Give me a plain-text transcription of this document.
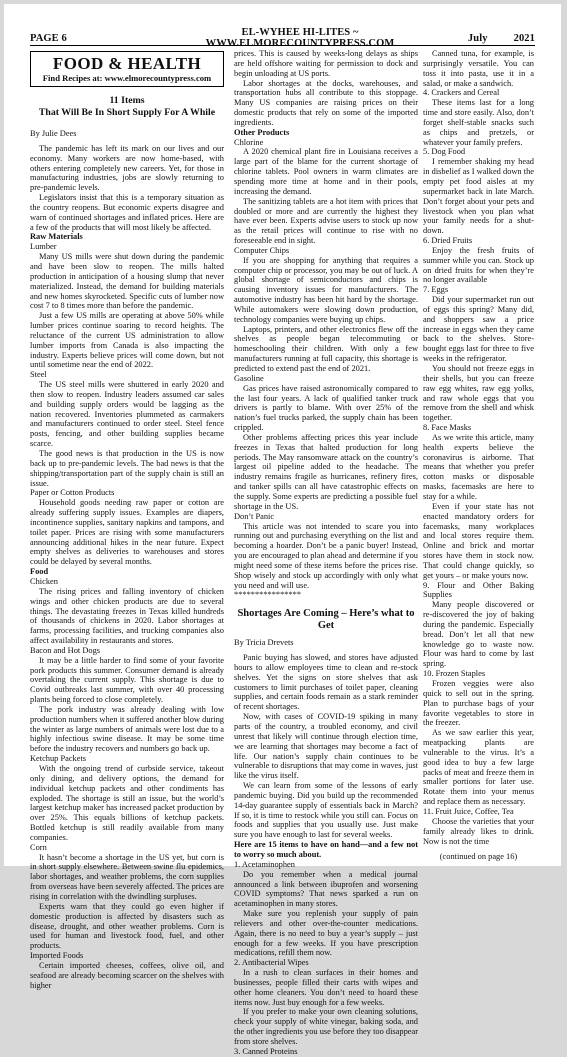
PAGE 6	EL-WYHEE HI-LITES ~ WWW.ELMORECOUNTYPRESS.COM	July 2021
FOOD & HEALTH
Find Recipes at: www.elmorecountypress.com
11 Items
That Will Be In Short Supply For A While
By Julie Dees

The pandemic has left its mark on our lives and our economy. Many workers are now home-based, with others entering completely new careers. Yet, for those in manufacturing industries, jobs are slowly returning to pre-pandemic levels.

Legislators insist that this is a temporary situation as the country reopens. But economic experts disagree and warn of continued shortages and inflated prices. Here are a few of the products that will most likely be affected.

Raw Materials

Lumber

Many US mills were shut down during the pandemic and have been slow to reopen. The mills halted production in anticipation of a housing slump that never materialized. Instead, the demand for building materials and new homes skyrocketed. Specific cuts of lumber now cost 7 to 8 times more than before the pandemic.

Just a few US mills are operating at above 50% while lumber prices continue soaring to record heights. The reluctance of the current US administration to allow lumber imports from Canada is also impacting the industry. Experts believe prices will come down, but not until sometime near the end of 2022.

Steel

The US steel mills were shuttered in early 2020 and then slow to reopen. Industry leaders assumed car sales and building supply orders would be lagging as the nation recovered. Inventories plummeted as carmakers and manufacturers continued to order steel. Steel fence posts, fencing, and other building supplies became scarce.

The good news is that production in the US is now back up to pre-pandemic levels. The bad news is that the shipping/transportation part of the supply chain is still an issue.

Paper or Cotton Products

Household goods needing raw paper or cotton are already suffering supply issues. Examples are diapers, incontinence supplies, sanitary napkins and tampons, and toilet paper. Prices are rising with some manufacturers announcing additional hikes in the near future. Expect empty shelves as deliveries to warehouses and stores could be delayed by several months.

Food

Chicken

The rising prices and falling inventory of chicken wings and other chicken products are due to several things. The devastating freezes in Texas killed hundreds of thousands of chickens in 2020. Labor shortages at farms, processing facilities, and trucking companies also affect availability in restaurants and stores.

Bacon and Hot Dogs

It may be a little harder to find some of your favorite pork products this summer. Consumer demand is already overtaking the current supply. This shortage is due to Covid outbreaks last summer, with over 40 processing plants being forced to close completely.

The pork industry was already dealing with low production numbers when it suffered another blow during the winter as large numbers of animals were lost due to a highly infectious swine disease. It may be some time before the industry recovers and numbers go back up.

Ketchup Packets

With the ongoing trend of curbside service, takeout only dining, and delivery options, the demand for individual ketchup packets and other condiments has exploded. The shortage is still an issue, but the world’s largest ketchup maker has increased packet production by over 25%. This equals billions of ketchup packets. Bottled ketchup is still readily available from many companies.

Corn

It hasn’t become a shortage in the US yet, but corn is in short supply elsewhere. Between swine flu epidemics, labor shortages, and weather problems, the corn supplies from overseas have been severely affected. The prices are rising in correlation with the dwindling surpluses.

Experts warn that they could go even higher if domestic production is affected by disasters such as disease, drought, and other weather problems. Corn is used for human and livestock food, fuel, and other products.

Imported Foods

Certain imported cheeses, coffees, olive oil, and seafood are already becoming scarcer on the shelves with higher

prices. This is caused by weeks-long delays as ships are held offshore waiting for permission to dock and begin unloading at US ports.

Labor shortages at the docks, warehouses, and transportation hubs all contribute to this stoppage. Many US companies are raising prices on their domestic products that rely on some of the imported ingredients.

Other Products

Chlorine

A 2020 chemical plant fire in Louisiana receives a large part of the blame for the current shortage of chlorine tablets. Pool owners in warm climates are spending more time at home and in their pools, increasing the demand.

The sanitizing tablets are a hot item with prices that doubled or more and are currently the highest they have ever been. Experts advise users to stock up now as the retail prices will continue to rise with no foreseeable end in sight.

Computer Chips

If you are shopping for anything that requires a computer chip or processor, you may be out of luck. A global shortage of semiconductors and chips is causing inventory issues for manufacturers. The automotive industry has been hit hard by the shortage. While automakers were slowing down production, technology companies were buying up chips.

Laptops, printers, and other electronics flew off the shelves as people began telecommuting or homeschooling their children. With only a few manufacturers running at full capacity, this shortage is predicted to extend past the end of 2021.

Gasoline

Gas prices have raised astronomically compared to the last four years. A lack of qualified tanker truck drivers is partly to blame. With over 25% of the nation’s fuel trucks parked, the supply chain has been crippled.

Other problems affecting prices this year include freezes in Texas that halted production for long periods. The May ransomware attack on the country’s largest oil pipeline added to the headache. The industry remains fragile as hurricanes, refinery fires, and tanker spills can all have catastrophic effects on the supply. Some experts are predicting a possible fuel shortage in the US.

Don’t Panic

This article was not intended to scare you into running out and purchasing everything on the list and becoming a hoarder. Don’t be a panic buyer! Instead, you are encouraged to plan ahead and determine if you might need some of these items before the prices rise. Shop wisely and stock up accordingly with only what you need and will use.

****************

Shortages Are Coming – Here’s what to Get
By Tricia Drevets

Panic buying has slowed, and stores have adjusted hours to allow employees time to clean and re-stock shelves. Yet the signs on store shelves that ask customers to limit purchases of toilet paper, cleaning supplies, and certain foods remain as a stark reminder of recent shortages.

Now, with cases of COVID-19 spiking in many parts of the country, a troubled economy, and civil unrest that likely will continue through election time, we are learning that shortages may become a fact of life. Our nation’s supply chain continues to be vulnerable to disruptions that may come in waves, just like the virus itself.

We can learn from some of the lessons of early pandemic buying. Did you build up the recommended 14-day guarantee supply of essentials back in March? If so, it is time to restock while you still can. Focus on foods and supplies that you usually use. Just make sure you have enough to last for several weeks.

Here are 15 items to have on hand—and a few not to worry so much about.

1. Acetaminophen

Do you remember when a medical journal announced a link between ibuprofen and worsening COVID symptoms? That news sparked a run on acetaminophen in many stores.

Make sure you replenish your supply of pain relievers and other over-the-counter medications. Again, there is no need to buy a year’s supply – just enough for a few weeks. If you have prescription medications, refill them now.

2. Antibacterial Wipes

In a rush to clean surfaces in their homes and businesses, people filled their carts with wipes and other home cleaners. You don’t need to hoard these items now. Just buy enough for a few weeks.

If you prefer to make your own cleaning solutions, check your supply of white vinegar, baking soda, and the other ingredients you use before they too disappear from store shelves.

3. Canned Proteins

Canned tuna, for example, is surprisingly versatile. You can toss it into pasta, use it in a salad, or make a sandwich.

4. Crackers and Cereal

These items last for a long time and store easily. Also, don’t forget shelf-stable snacks such as chips and pretzels, or whatever your family prefers.

5. Dog Food

I remember shaking my head in disbelief as I walked down the empty pet food aisles at my supermarket back in late March. Don’t forget about your pets and livestock when you plan what your family needs for a shut-down.

6. Dried Fruits

Enjoy the fresh fruits of summer while you can. Stock up on dried fruits for when they’re no longer available

7. Eggs

Did your supermarket run out of eggs this spring? Many did, and shoppers saw a price increase in eggs when they came back to the shelves. Store-bought eggs last for three to five weeks in the refrigerator.

You should not freeze eggs in their shells, but you can freeze raw egg whites, raw egg yolks, and raw whole eggs that you remove from the shell and whisk together.

8. Face Masks

As we write this article, many health experts believe the coronavirus is airborne. That means that whether you prefer cotton masks or disposable masks, facemasks are here to stay for a while.

Even if your state has not enacted mandatory orders for facemasks, many workplaces and local stores require them. Online and brick and mortar stores have them in stock now. That could change quickly, so get yours – or make yours now.

9. Flour and Other Baking Supplies

Many people discovered or re-discovered the joy of baking during the pandemic. Especially bread. Don’t let all that new knowledge go to waste now. Flour was hard to come by last spring.

10. Frozen Staples

Frozen veggies were also quick to sell out in the spring. Plan to purchase bags of your favorite vegetables to store in the freezer.

As we saw earlier this year, meatpacking plants are vulnerable to the virus. It’s a good idea to buy a few large packs of meat and freeze them in smaller portions for later use. Rotate them into your menus and replace them as necessary.

11. Fruit Juice, Coffee, Tea

Choose the varieties that your family already likes to drink. Now is not the time

(continued on page 16)
